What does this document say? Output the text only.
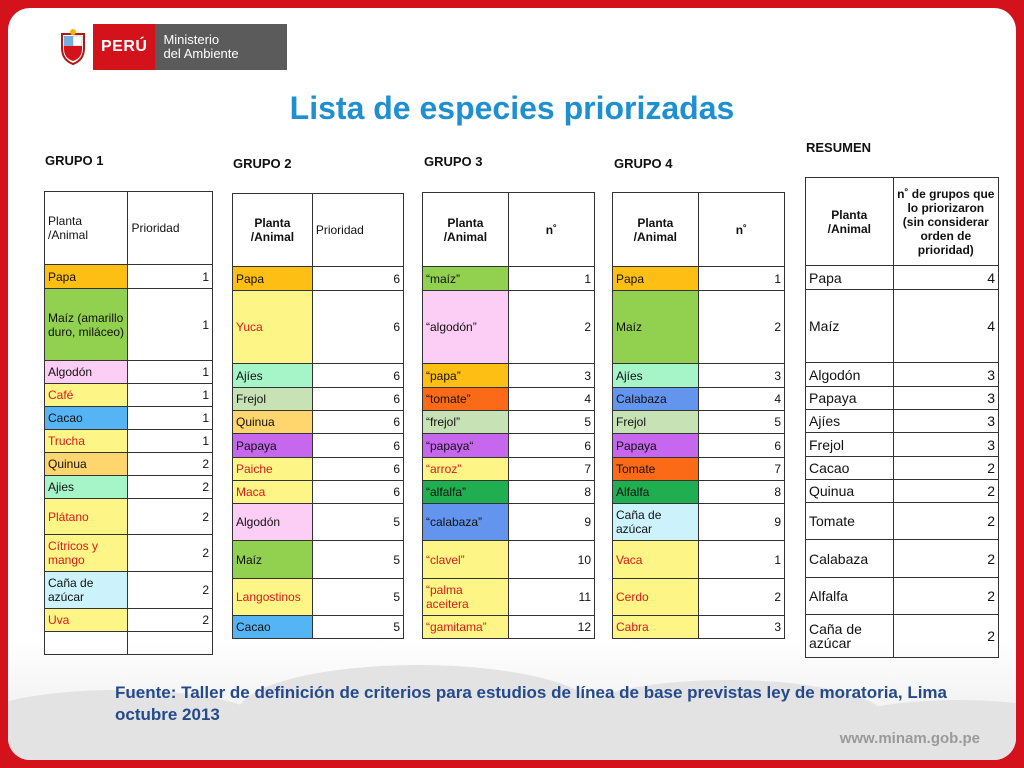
PERÚ	Ministerio
del Ambiente
Lista de especies priorizadas
GRUPO 1	GRUPO 2	GRUPO 3	GRUPO 4
RESUMEN
Planta /Animal	Prioridad
Papa	1
Maíz (amarillo duro, miláceo)	1
Algodón	1
Café	1
Cacao	1
Trucha	1
Quinua	2
Ajies	2
Plátano	2
Cítricos y mango	2
Caña de azúcar	2
Uva	2

Planta /Animal	Prioridad
Papa	6
Yuca	6
Ajíes	6
Frejol	6
Quinua	6
Papaya	6
Paiche	6
Maca	6
Algodón	5
Maíz	5
Langostinos	5
Cacao	5
Planta /Animal	n˚
“maíz”	1
“algodón”	2
“papa”	3
“tomate”	4
“frejol”	5
“papaya“	6
“arroz”	7
“alfalfa”	8
“calabaza”	9
“clavel”	10
“palma aceitera	11
“gamitama”	12
Planta /Animal	n˚
Papa	1
Maíz	2
Ajíes	3
Calabaza	4
Frejol	5
Papaya	6
Tomate	7
Alfalfa	8
Caña de azúcar	9
Vaca	1
Cerdo	2
Cabra	3
Planta /Animal	n˚ de grupos que lo priorizaron (sin considerar orden de prioridad)
Papa	4
Maíz	4
Algodón	3
Papaya	3
Ajíes	3
Frejol	3
Cacao	2
Quinua	2
Tomate	2
Calabaza	2
Alfalfa	2
Caña de azúcar	2
Fuente: Taller de definición de criterios para estudios de línea de base previstas ley de moratoria, Lima octubre 2013
www.minam.gob.pe
